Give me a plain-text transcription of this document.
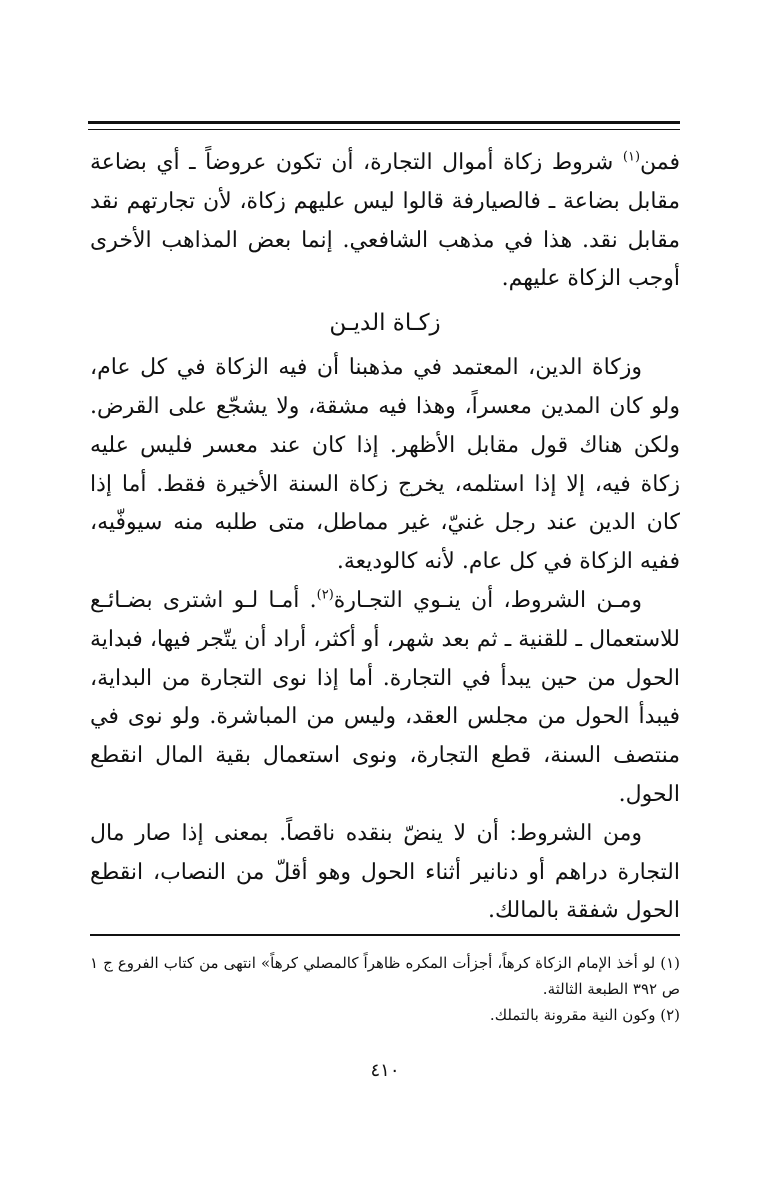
فمن$^{(١)}$ شروط زكاة أموال التجارة، أن تكون عروضاً ـ أي بضاعة مقابل بضاعة ـ فالصيارفة قالوا ليس عليهم زكاة، لأن تجارتهم نقد مقابل نقد. هذا في مذهب الشافعي. إنما بعض المذاهب الأخرى أوجب الزكاة عليهم.

زكـاة الديـن

وزكاة الدين، المعتمد في مذهبنا أن فيه الزكاة في كل عام، ولو كان المدين معسراً، وهذا فيه مشقة، ولا يشجّع على القرض. ولكن هناك قول مقابل الأظهر. إذا كان عند معسر فليس عليه زكاة فيه، إلا إذا استلمه، يخرج زكاة السنة الأخيرة فقط. أما إذا كان الدين عند رجل غنيّ، غير مماطل، متى طلبه منه سيوفّيه، ففيه الزكاة في كل عام. لأنه كالوديعة.

ومـن الشروط، أن ينـوي التجـارة$^{(٢)}$. أمـا لـو اشترى بضـائـع للاستعمال ـ للقنية ـ ثم بعد شهر، أو أكثر، أراد أن يتّجر فيها، فبداية الحول من حين يبدأ في التجارة. أما إذا نوى التجارة من البداية، فيبدأ الحول من مجلس العقد، وليس من المباشرة. ولو نوى في منتصف السنة، قطع التجارة، ونوى استعمال بقية المال انقطع الحول.

ومن الشروط: أن لا ينضّ بنقده ناقصاً. بمعنى إذا صار مال التجارة دراهم أو دنانير أثناء الحول وهو أقلّ من النصاب، انقطع الحول شفقة بالمالك.

(١) لو أخذ الإمام الزكاة كرهاً، أجزأت المكره ظاهراً كالمصلي كرهاً» انتهى من كتاب الفروع ج ١ ص ٣٩٢ الطبعة الثالثة.

(٢) وكون النية مقرونة بالتملك.

٤١٠
